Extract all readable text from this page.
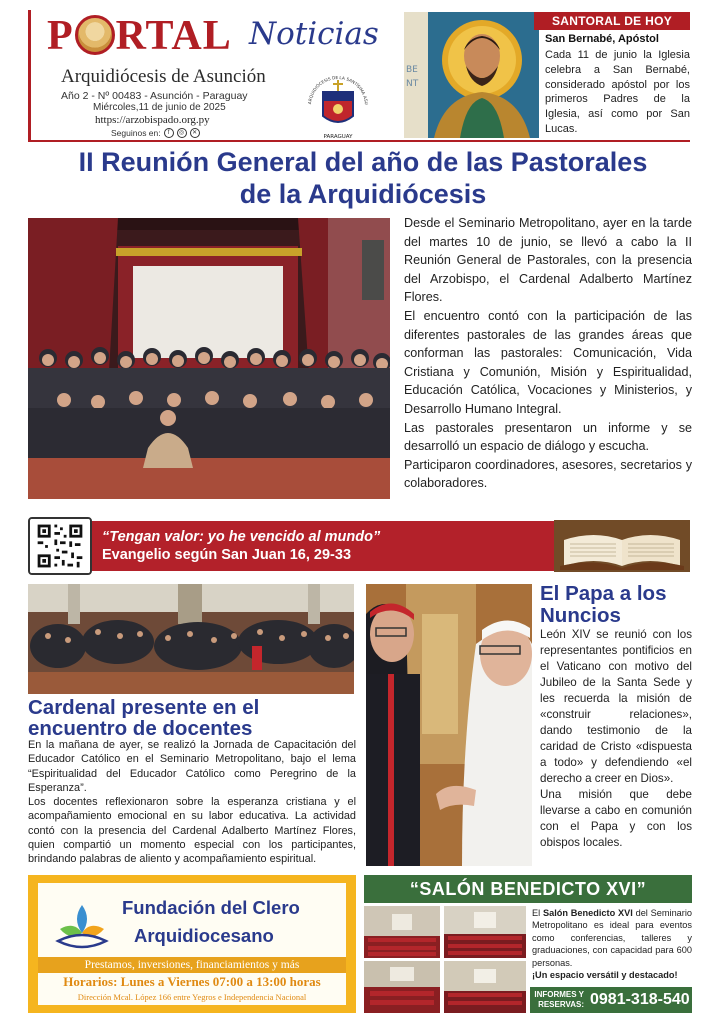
P RTAL Noticias
Arquidiócesis de Asunción
Año 2 - Nº 00483 - Asunción - Paraguay
Miércoles,11 de junio de 2025
https://arzobispado.org.py
Seguinos en:	f	◎	✕
ARQUIDIÓCESIS DE LA SANTÍSIMA ASU
PARAGUAY
BE
NT
SANTORAL DE HOY
San Bernabé, Apóstol
Cada 11 de junio la Iglesia celebra a San Bernabé, considerado apóstol por los primeros Padres de la Iglesia, así como por San Lucas.
II Reunión General del año de las Pastorales
de la Arquidiócesis

Desde el Seminario Metropolitano, ayer en la tarde del martes 10 de junio, se llevó a cabo la II Reunión General de Pastorales, con la presencia del Arzobispo, el Cardenal Adalberto Martínez Flores.

El encuentro contó con la participación de las diferentes pastorales de las grandes áreas que conforman las pastorales: Comunicación, Vida Cristiana y Comunión, Misión y Espiritualidad, Educación Católica, Vocaciones y Ministerios, y Desarrollo Humano Integral.

Las pastorales presentaron un informe y se desarrolló un espacio de diálogo y escucha.

Participaron coordinadores, asesores, secretarios y colaboradores.

“Tengan valor: yo he vencido al mundo”
Evangelio según San Juan 16, 29-33
Cardenal presente en el
encuentro de docentes

En la mañana de ayer, se realizó la Jornada de Capacitación del Educador Católico en el Seminario Metropolitano, bajo el lema “Espiritualidad del Educador Católico como Peregrino de la Esperanza”.

Los docentes reflexionaron sobre la esperanza cristiana y el acompañamiento emocional en su labor educativa. La actividad contó con la presencia del Cardenal Adalberto Martínez Flores, quien compartió un momento especial con los participantes, brindando palabras de aliento y acompañamiento espiritual.

El Papa a los
Nuncios

León XIV se reunió con los representantes pontificios en el Vaticano con motivo del Jubileo de la Santa Sede y les recuerda la misión de «construir relaciones», dando testimonio de la caridad de Cristo «dispuesta a todo» y defendiendo «el derecho a creer en Dios».

Una misión que debe llevarse a cabo en comunión con el Papa y con los obispos locales.

Fundación del Clero
Arquidiocesano
Prestamos, inversiones, financiamientos y más
Horarios: Lunes a Viernes 07:00 a 13:00 horas
Dirección Mcal. López 166 entre Yegros e Independencia Nacional
“SALÓN BENEDICTO XVI”
El Salón Benedicto XVI del Seminario Metropolitano es ideal para eventos como conferencias, talleres y graduaciones, con capacidad para 600 personas.
¡Un espacio versátil y destacado!
INFORMES Y
RESERVAS: 0981-318-540
